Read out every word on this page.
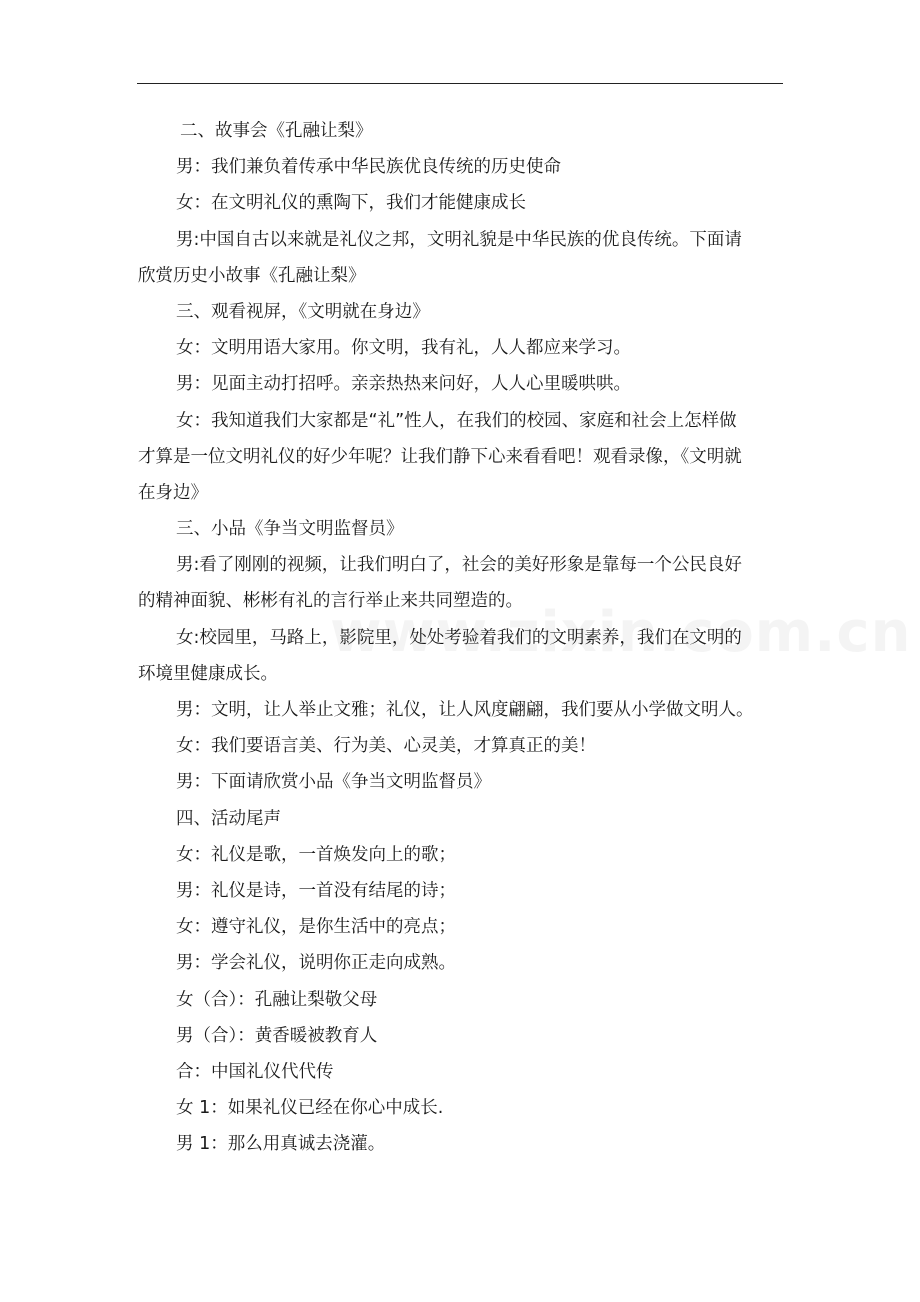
二、故事会《孔融让梨》
男：我们兼负着传承中华民族优良传统的历史使命
女：在文明礼仪的熏陶下，我们才能健康成长
男:中国自古以来就是礼仪之邦，文明礼貌是中华民族的优良传统。下面请
欣赏历史小故事《孔融让梨》
三、观看视屏，《文明就在身边》
女：文明用语大家用。你文明，我有礼，人人都应来学习。
男：见面主动打招呼。亲亲热热来问好，人人心里暖哄哄。
女：我知道我们大家都是“礼”性人，在我们的校园、家庭和社会上怎样做
才算是一位文明礼仪的好少年呢？让我们静下心来看看吧！观看录像，《文明就
在身边》
三、小品《争当文明监督员》
男:看了刚刚的视频，让我们明白了，社会的美好形象是靠每一个公民良好
的精神面貌、彬彬有礼的言行举止来共同塑造的。
女:校园里，马路上，影院里，处处考验着我们的文明素养，我们在文明的
环境里健康成长。
男：文明，让人举止文雅；礼仪，让人风度翩翩，我们要从小学做文明人。
女：我们要语言美、行为美、心灵美，才算真正的美！
男：下面请欣赏小品《争当文明监督员》
四、活动尾声
女：礼仪是歌，一首焕发向上的歌；
男：礼仪是诗，一首没有结尾的诗；
女：遵守礼仪，是你生活中的亮点；
男：学会礼仪，说明你正走向成熟。
女（合）：孔融让梨敬父母
男（合）：黄香暖被教育人
合：中国礼仪代代传
女 1：如果礼仪已经在你心中成长.
男 1：那么用真诚去浇灌。
